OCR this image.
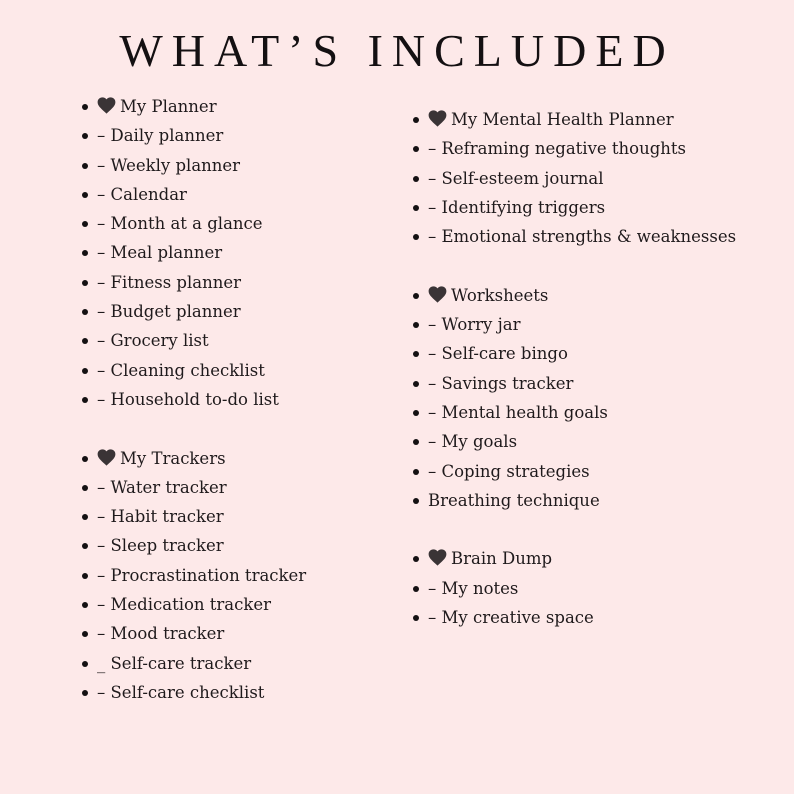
WHAT’S INCLUDED
My Planner
– Daily planner
– Weekly planner
– Calendar
– Month at a glance
– Meal planner
– Fitness planner
– Budget planner
– Grocery list
– Cleaning checklist
– Household to-do list
My Trackers
– Water tracker
– Habit tracker
– Sleep tracker
– Procrastination tracker
– Medication tracker
– Mood tracker
_ Self-care tracker
– Self-care checklist
My Mental Health Planner
– Reframing negative thoughts
– Self-esteem journal
– Identifying triggers
– Emotional strengths & weaknesses
Worksheets
– Worry jar
– Self-care bingo
– Savings tracker
– Mental health goals
– My goals
– Coping strategies
Breathing technique
Brain Dump
– My notes
– My creative space
